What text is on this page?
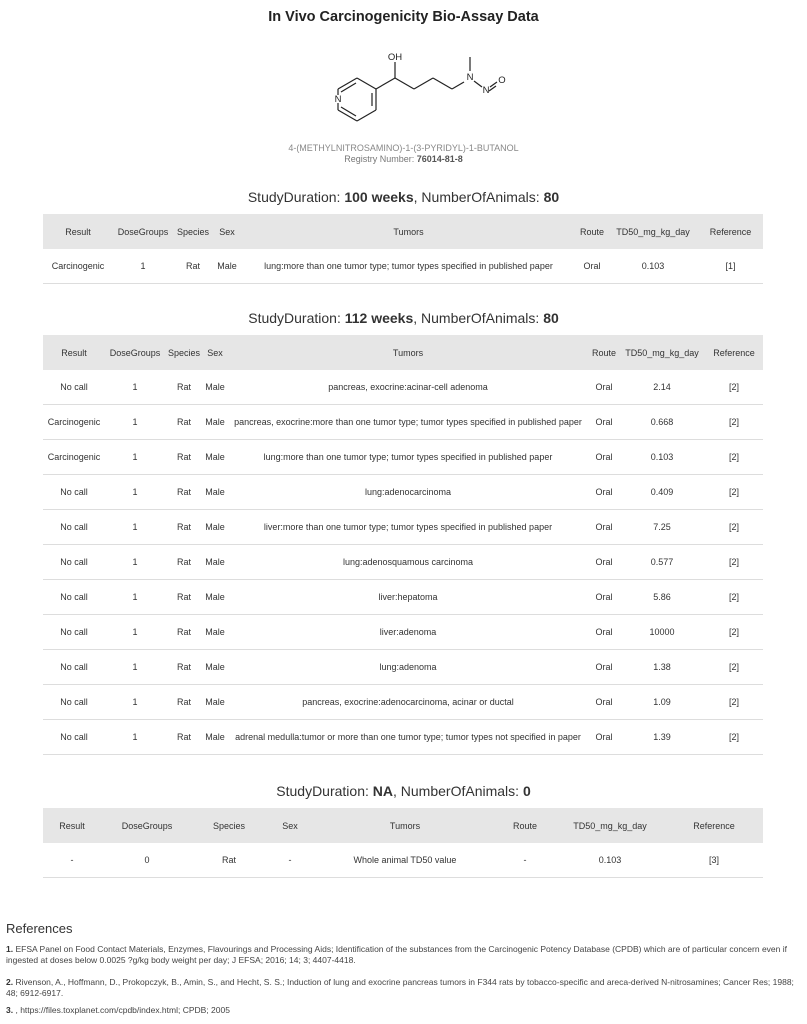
In Vivo Carcinogenicity Bio-Assay Data
OH
N
N
N
O
4-(METHYLNITROSAMINO)-1-(3-PYRIDYL)-1-BUTANOL
Registry Number: 76014-81-8
StudyDuration: 100 weeks, NumberOfAnimals: 80
Result	DoseGroups	Species	Sex	Tumors	Route	TD50_mg_kg_day	Reference
Carcinogenic	1	Rat	Male	lung:more than one tumor type; tumor types specified in published paper	Oral	0.103	[1]
StudyDuration: 112 weeks, NumberOfAnimals: 80
Result	DoseGroups	Species	Sex	Tumors	Route	TD50_mg_kg_day	Reference
No call	1	Rat	Male	pancreas, exocrine:acinar-cell adenoma	Oral	2.14	[2]
Carcinogenic	1	Rat	Male	pancreas, exocrine:more than one tumor type; tumor types specified in published paper	Oral	0.668	[2]
Carcinogenic	1	Rat	Male	lung:more than one tumor type; tumor types specified in published paper	Oral	0.103	[2]
No call	1	Rat	Male	lung:adenocarcinoma	Oral	0.409	[2]
No call	1	Rat	Male	liver:more than one tumor type; tumor types specified in published paper	Oral	7.25	[2]
No call	1	Rat	Male	lung:adenosquamous carcinoma	Oral	0.577	[2]
No call	1	Rat	Male	liver:hepatoma	Oral	5.86	[2]
No call	1	Rat	Male	liver:adenoma	Oral	10000	[2]
No call	1	Rat	Male	lung:adenoma	Oral	1.38	[2]
No call	1	Rat	Male	pancreas, exocrine:adenocarcinoma, acinar or ductal	Oral	1.09	[2]
No call	1	Rat	Male	adrenal medulla:tumor or more than one tumor type; tumor types not specified in paper	Oral	1.39	[2]
StudyDuration: NA, NumberOfAnimals: 0
Result	DoseGroups	Species	Sex	Tumors	Route	TD50_mg_kg_day	Reference
-	0	Rat	-	Whole animal TD50 value	-	0.103	[3]
References
1. EFSA Panel on Food Contact Materials, Enzymes, Flavourings and Processing Aids; Identification of the substances from the Carcinogenic Potency Database (CPDB) which are of particular concern even if ingested at doses below 0.0025 ?g/kg body weight per day; J EFSA; 2016; 14; 3; 4407-4418.
2. Rivenson, A., Hoffmann, D., Prokopczyk, B., Amin, S., and Hecht, S. S.; Induction of lung and exocrine pancreas tumors in F344 rats by tobacco-specific and areca-derived N-nitrosamines; Cancer Res; 1988; 48; 6912-6917.
3. , https://files.toxplanet.com/cpdb/index.html; CPDB; 2005
